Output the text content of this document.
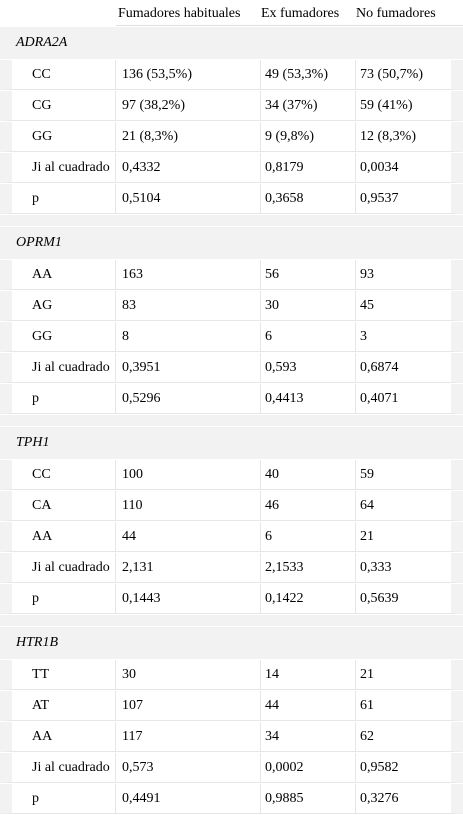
Fumadores habituales	Ex fumadores	No fumadores
ADRA2A
CC	136 (53,5%)	49 (53,3%)	73 (50,7%)
CG	97 (38,2%)	34 (37%)	59 (41%)
GG	21 (8,3%)	9 (9,8%)	12 (8,3%)
Ji al cuadrado 0,4332	0,8179	0,0034
p	0,5104	0,3658	0,9537
OPRM1
AA	163	56	93
AG	83	30	45
GG	8	6	3
Ji al cuadrado 0,3951	0,593	0,6874
p	0,5296	0,4413	0,4071
TPH1
CC	100	40	59
CA	110	46	64
AA	44	6	21
Ji al cuadrado 2,131	2,1533	0,333
p	0,1443	0,1422	0,5639
HTR1B
TT	30	14	21
AT	107	44	61
AA	117	34	62
Ji al cuadrado 0,573	0,0002	0,9582
p	0,4491	0,9885	0,3276
